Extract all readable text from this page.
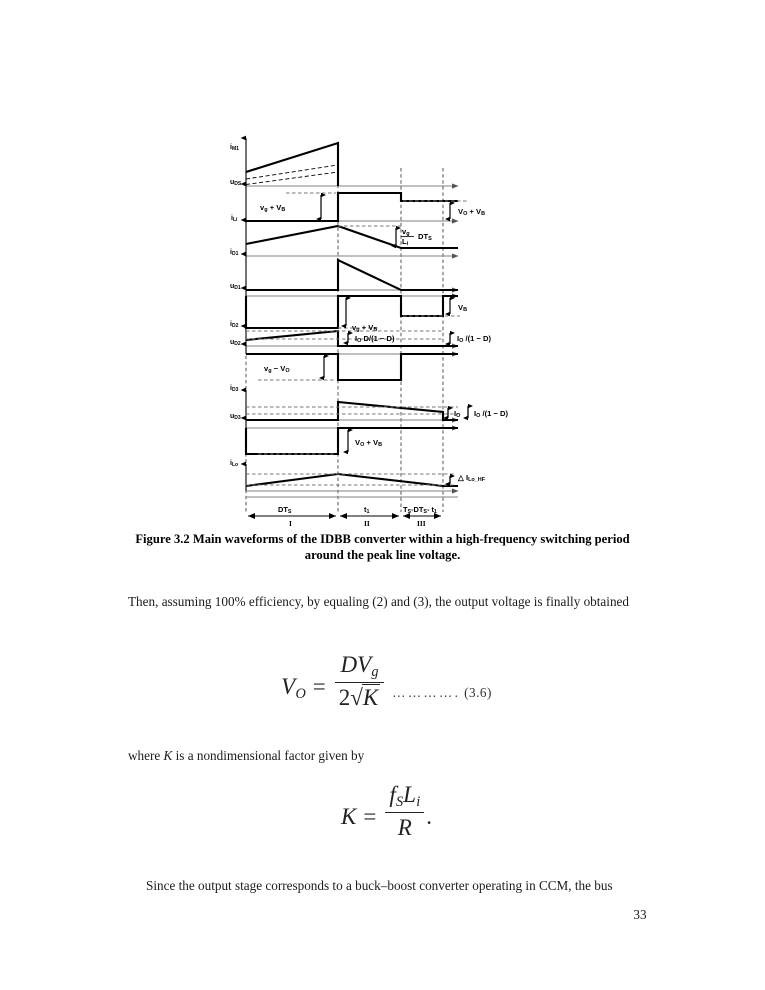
iM1
uDS
vg + VB	VO + VB
iLi
vg
Li
DTS
iD1
uD1
vg + VB
VB
iD2
IO D/(1 − D)	IO /(1 − D)
uD2
vg − VO
iD3
IO IO /(1 − D)
uD3
VO + VB
iLo
△ ILo_HF
DTS	t1	TS-DTS- t1
I	II	III
Figure 3.2 Main waveforms of the IDBB converter within a high-frequency switching period
around the peak line voltage.

Then, assuming 100% efficiency, by equaling (2) and (3), the output voltage is finally obtained

$V_O = \frac{DV_g}{2√K}$ …………. (3.6)

where K is a nondimensional factor given by

$K = \frac{f_SL_i}{R}$ .

Since the output stage corresponds to a buck–boost converter operating in CCM, the bus

33
